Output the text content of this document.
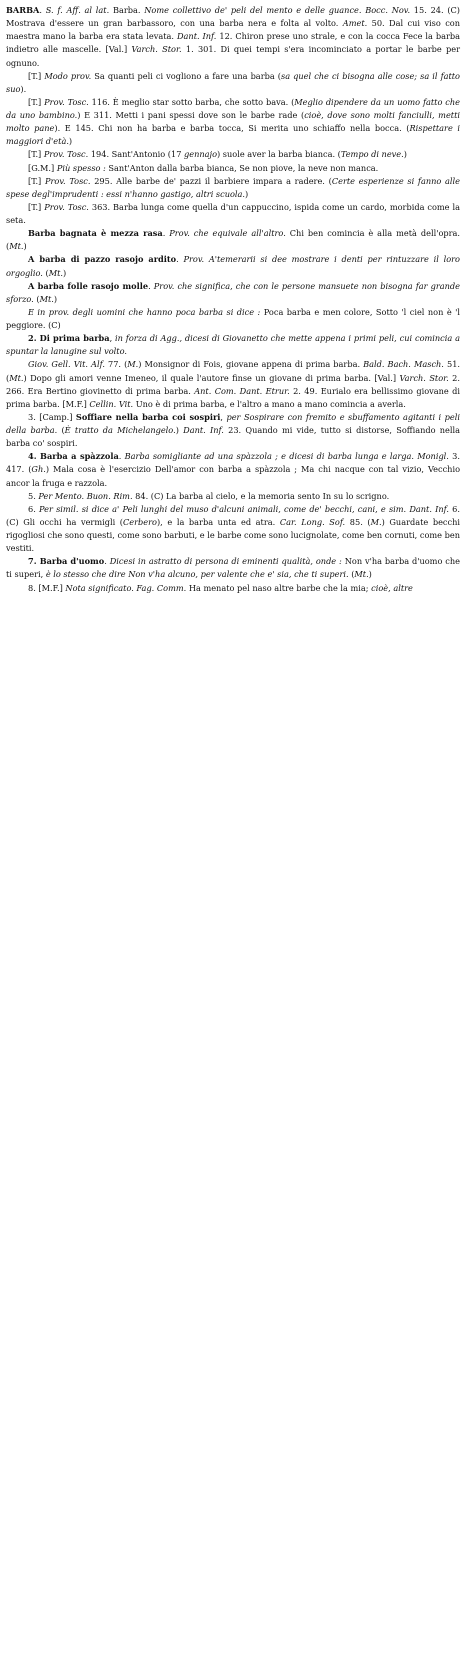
BARBA. S. f. Aff. al lat. Barba. Nome collettivo de' peli del mento e delle guance. Bocc. Nov. 15. 24. (C) Mostrava d'essere un gran barbassoro, con una barba nera e folta al volto. Amet. 50. Dal cui viso con maestra mano la barba era stata levata. Dant. Inf. 12. Chiron prese uno strale, e con la cocca Fece la barba indietro alle mascelle. [Val.] Varch. Stor. 1. 301. Di quei tempi s'era incominciato a portar le barbe per ognuno.

[T.] Modo prov. Sa quanti peli ci vogliono a fare una barba (sa quel che ci bisogna alle cose; sa il fatto suo).

[T.] Prov. Tosc. 116. È meglio star sotto barba, che sotto bava. (Meglio dipendere da un uomo fatto che da uno bambino.) E 311. Metti i pani spessi dove son le barbe rade (cioè, dove sono molti fanciulli, metti molto pane). E 145. Chi non ha barba e barba tocca, Si merita uno schiaffo nella bocca. (Rispettare i maggiori d'età.)

[T.] Prov. Tosc. 194. Sant'Antonio (17 gennajo) suole aver la barba bianca. (Tempo di neve.)

[G.M.] Più spesso : Sant'Anton dalla barba bianca, Se non piove, la neve non manca.

[T.] Prov. Tosc. 295. Alle barbe de' pazzi il barbiere impara a radere. (Certe esperienze si fanno alle spese degl'imprudenti : essi n'hanno gastigo, altri scuola.)

[T.] Prov. Tosc. 363. Barba lunga come quella d'un cappuccino, ispida come un cardo, morbida come la seta.

Barba bagnata è mezza rasa. Prov. che equivale all'altro. Chi ben comincia è alla metà dell'opra. (Mt.)

A barba di pazzo rasojo ardito. Prov. A'temerarii si dee mostrare i denti per rintuzzare il loro orgoglio. (Mt.)

A barba folle rasojo molle. Prov. che significa, che con le persone mansuete non bisogna far grande sforzo. (Mt.)

E in prov. degli uomini che hanno poca barba si dice : Poca barba e men colore, Sotto 'l ciel non è 'l peggiore. (C)

2. Di prima barba, in forza di Agg., dicesi di Giovanetto che mette appena i primi peli, cui comincia a spuntar la lanugine sul volto.

Giov. Gell. Vit. Alf. 77. (M.) Monsignor di Fois, giovane appena di prima barba. Bald. Bach. Masch. 51. (Mt.) Dopo gli amori venne Imeneo, il quale l'autore finse un giovane di prima barba. [Val.] Varch. Stor. 2. 266. Era Bertino giovinetto di prima barba. Ant. Com. Dant. Etrur. 2. 49. Eurialo era bellissimo giovane di prima barba. [M.F.] Cellin. Vit. Uno è di prima barba, e l'altro a mano a mano comincia a averla.

3. [Camp.] Soffiare nella barba coi sospiri, per Sospirare con fremito e sbuffamento agitanti i peli della barba. (È tratto da Michelangelo.) Dant. Inf. 23. Quando mi vide, tutto si distorse, Soffiando nella barba co' sospiri.

4. Barba a spàzzola. Barba somigliante ad una spàzzola ; e dicesi di barba lunga e larga. Monigl. 3. 417. (Gh.) Mala cosa è l'esercizio Dell'amor con barba a spàzzola ; Ma chi nacque con tal vizio, Vecchio ancor la fruga e razzola.

5. Per Mento. Buon. Rim. 84. (C) La barba al cielo, e la memoria sento In su lo scrigno.

6. Per simil. si dice a' Peli lunghi del muso d'alcuni animali, come de' becchi, cani, e sim. Dant. Inf. 6. (C) Gli occhi ha vermigli (Cerbero), e la barba unta ed atra. Car. Long. Sof. 85. (M.) Guardate becchi rigogliosi che sono questi, come sono barbuti, e le barbe come sono lucignolate, come ben cornuti, come ben vestiti.

7. Barba d'uomo. Dicesi in astratto di persona di eminenti qualità, onde : Non v'ha barba d'uomo che ti superi, è lo stesso che dire Non v'ha alcuno, per valente che e' sia, che ti superi. (Mt.)

8. [M.F.] Nota significato. Fag. Comm. Ha menato pel naso altre barbe che la mia; cioè, altre
